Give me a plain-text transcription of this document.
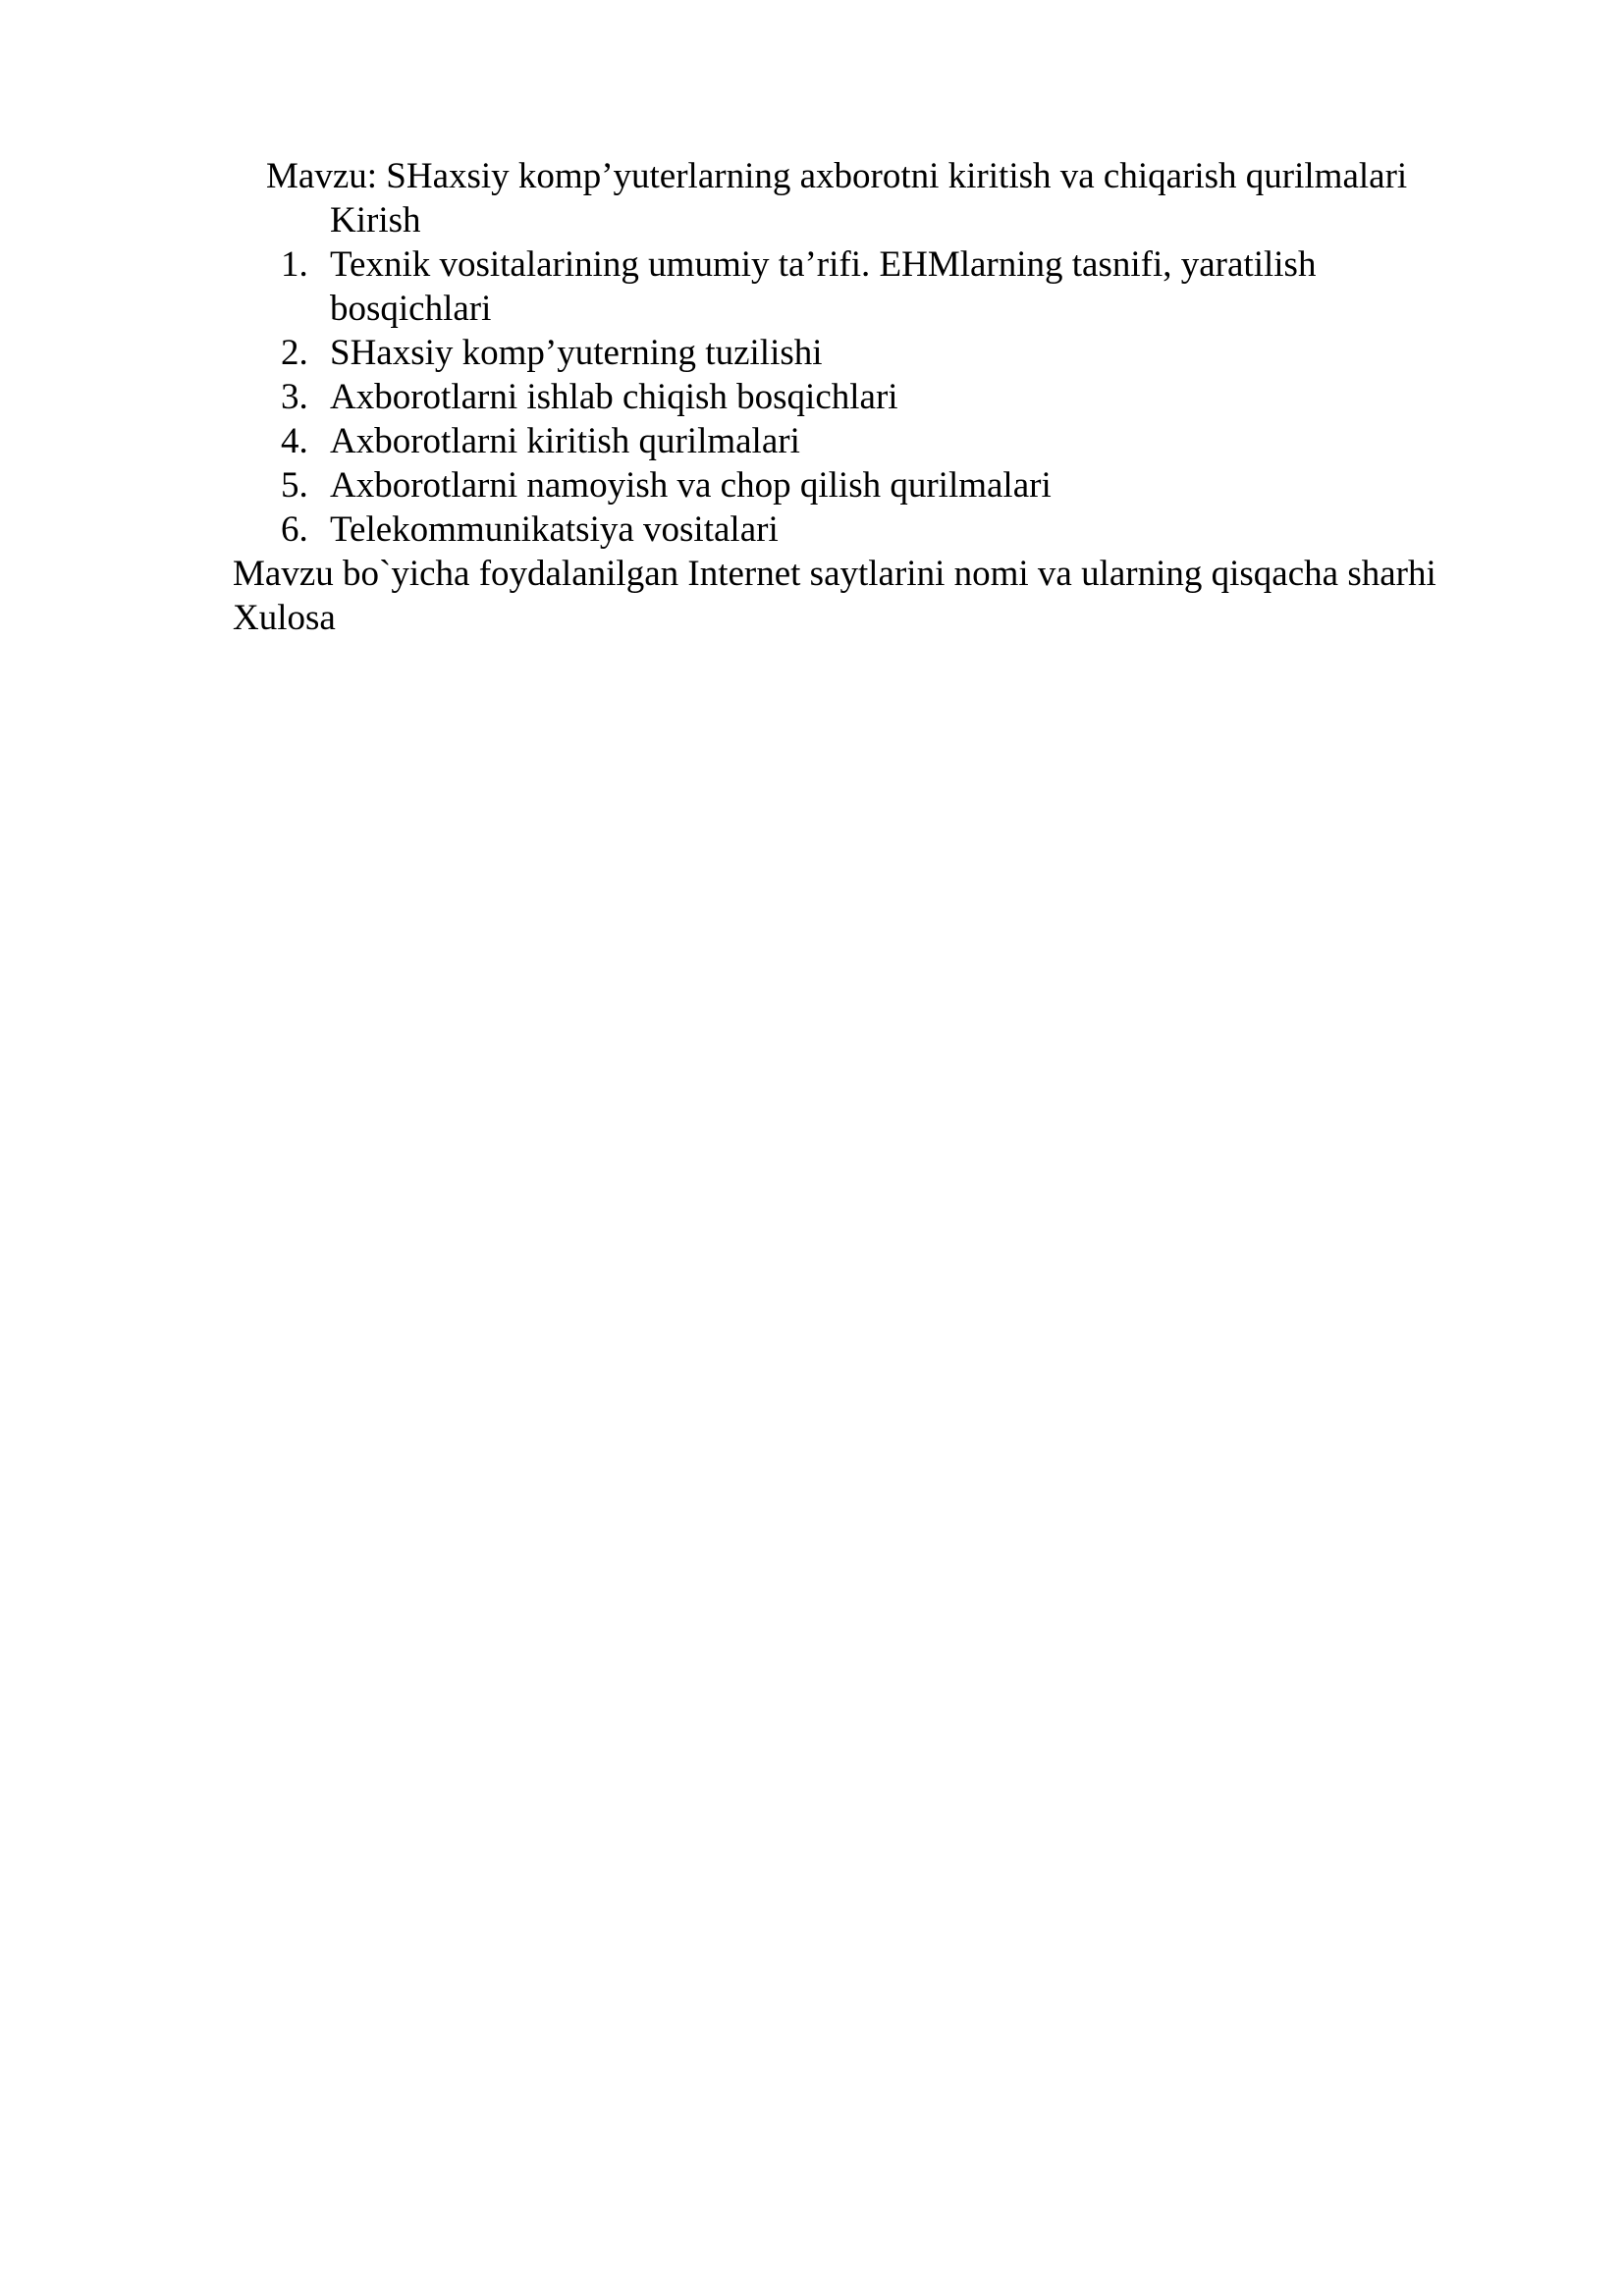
Mavzu: SHaxsiy komp’yuterlarning axborotni kiritish va chiqarish qurilmalari
Kirish
1. Texnik vositalarining umumiy ta’rifi. EHMlarning tasnifi, yaratilish bosqichlari
2. SHaxsiy komp’yuterning tuzilishi
3. Axborotlarni ishlab chiqish bosqichlari
4. Axborotlarni kiritish qurilmalari
5. Axborotlarni namoyish va chop qilish qurilmalari
6. Telekommunikatsiya vositalari
Mavzu bo`yicha foydalanilgan Internet saytlarini nomi va ularning qisqacha sharhi
Xulosa
